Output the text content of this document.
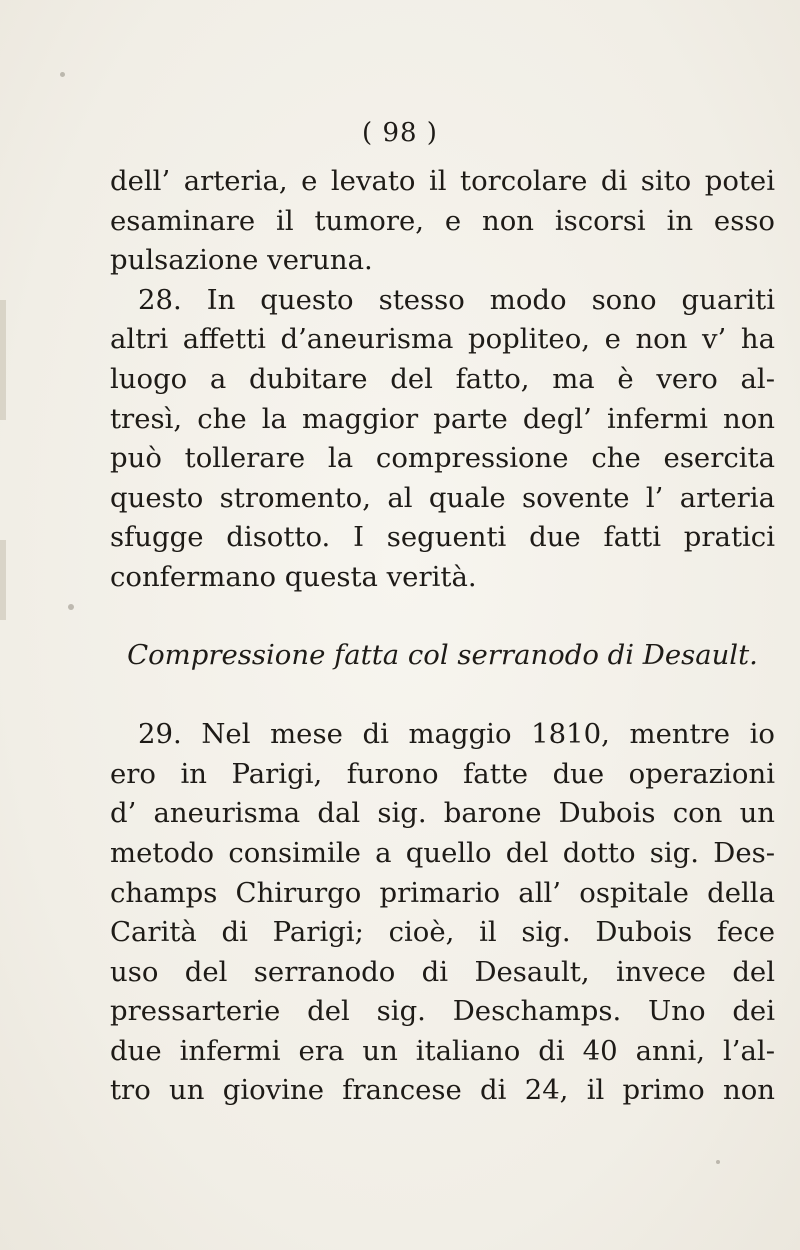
( 98 )
dell’ arteria, e levato il torcolare di sito potei
esaminare il tumore, e non iscorsi in esso
pulsazione veruna.
28. In questo stesso modo sono guariti
altri affetti d’aneurisma popliteo, e non v’ ha
luogo a dubitare del fatto, ma è vero al-
tresì, che la maggior parte degl’ infermi non
può tollerare la compressione che esercita
questo stromento, al quale sovente l’ arteria
sfugge disotto. I seguenti due fatti pratici
confermano questa verità.
Compressione fatta col serranodo di Desault.
29. Nel mese di maggio 1810, mentre io
ero in Parigi, furono fatte due operazioni
d’ aneurisma dal sig. barone Dubois con un
metodo consimile a quello del dotto sig. Des-
champs Chirurgo primario all’ ospitale della
Carità di Parigi; cioè, il sig. Dubois fece
uso del serranodo di Desault, invece del
pressarterie del sig. Deschamps. Uno dei
due infermi era un italiano di 40 anni, l’al-
tro un giovine francese di 24, il primo non
